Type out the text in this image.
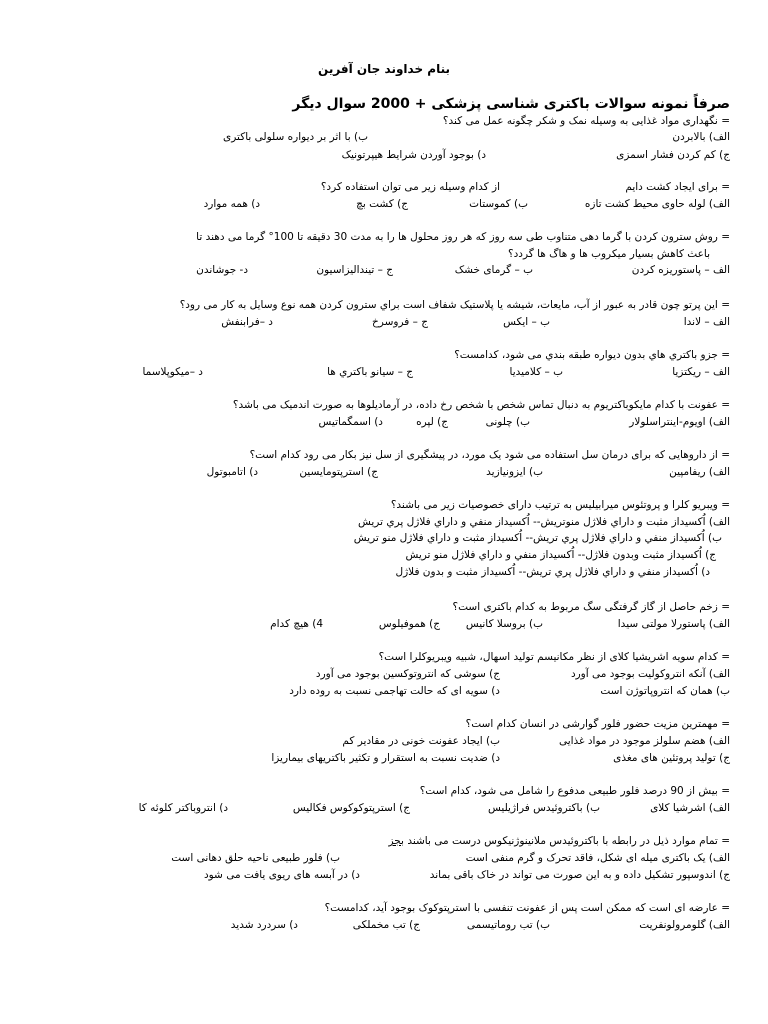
بنام خداوند جان آفرین
صرفاً نمونه سوالات باکتری شناسی پزشکی + 2000 سوال دیگر
= نگهداری مواد غذایی به وسیله نمک و شکر چگونه عمل می کند؟
الف) بالابردن
ب) با اثر بر دیواره سلولی باکتری
ج) کم کردن فشار اسمزی
د) بوجود آوردن شرایط هیپرتونیک
= برای ایجاد کشت دایم
از کدام وسیله زیر می توان استفاده کرد؟
الف) لوله حاوی محیط کشت تازه
ب) کموستات
ج) کشت بچ
د) همه موارد
= روش سترون کردن با گرما دهی متناوب طی سه روز که هر روز محلول ها را به مدت 30 دقیقه تا 100° گرما می دهند تا
باعث کاهش بسیار میکروب ها و هاگ ها گردد؟
الف – پاستوریزه کردن
ب – گرمای خشک
ج – تیندالیزاسیون
د- جوشاندن
= این پرتو چون قادر به عبور از آب، مایعات، شیشه یا پلاستیک شفاف است براي سترون کردن همه نوع وسایل به کار می رود؟
الف – لاندا
ب – ایکس
ج – فروسرخ
د –فرابنفش
= جزو باکتري هاي بدون دیواره طبقه بندي می شود، کدامست؟
الف – ریکتزیا
ب – کلامیدیا
ج – سیانو باکتري ها
د –میکوپلاسما
= عفونت با کدام مایکوباکتریوم به دنبال تماس شخص با شخص رخ داده، در آرمادیلوها به صورت اندمیک می باشد؟
الف) اویوم-اینتراسلولار
ب) چلونی
ج) لپره
د) اسمگماتیس
= از داروهایی که برای درمان سل استفاده می شود یک مورد، در پیشگیری از سل نیز بکار می رود کدام است؟
الف) ریفامپین
ب) ایزونیازید
ج) استرپتومایسین
د) اتامبوتول
= ویبریو کلرا و پروتئوس میرابیلیس به ترتیب دارای خصوصیات زیر می باشند؟
الف) اُکسیداز مثبت و داراي فلاژل منوتریش-- اُکسیداز منفي و داراي فلاژل پري تریش
ب) اُکسیداز منفي و داراي فلاژل پري تریش-- اُکسیداز مثبت و داراي فلاژل منو تریش
ج) اُکسیداز مثبت وبدون فلاژل-- اُکسیداز منفي و داراي فلاژل منو تریش
د) اُکسیداز منفي و داراي فلاژل پري تریش-- اُکسیداز مثبت و بدون فلاژل
= زخم حاصل از گاز گرفتگی سگ مربوط به کدام باکتری است؟
الف) پاستورلا مولتی سیدا
ب) بروسلا کانیس
ج) هموفیلوس
4) هیچ کدام
= کدام سویه اشریشیا کلای از نظر مکانیسم تولید اسهال، شبیه ویبریوکلرا است؟
الف) آنکه انتروکولیت بوجود می آورد
ب) همان که انتروپاتوژن است
ج) سوشی که انتروتوکسین بوجود می آورد
د) سویه ای که حالت تهاجمی نسبت به روده دارد
= مهمترین مزیت حضور فلور گوارشی در انسان کدام است؟
الف) هضم سلولز موجود در مواد غذایی
ب) ایجاد عفونت خونی در مقادیر کم
ج) تولید پروتئین های مغذی
د) ضدیت نسبت به استقرار و تکثیر باکتریهای بیماریزا
= بیش از 90 درصد فلور طبیعی مدفوع را شامل می شود، کدام است؟
الف) اشرشیا کلای
ب) باکتروئیدس فراژیلیس
ج) استرپتوکوکوس فکالیس
د) انتروباکتر کلوئه کا
= تمام موارد ذیل در رابطه با باکتروئیدس ملانینوژنیکوس درست می باشند بجز
الف) یک باکتری میله ای شکل، فاقد تحرک و گرم منفی است
ب) فلور طبیعی ناحیه حلق دهانی است
ج) اندوسپور تشکیل داده و به این صورت می تواند در خاک باقی بماند
د) در آبسه های ریوی یافت می شود
= عارضه ای است که ممکن است پس از عفونت تنفسی با استرپتوکوک بوجود آید، کدامست؟
الف) گلومرولونفریت
ب) تب روماتیسمی
ج) تب مخملکی
د) سردرد شدید
